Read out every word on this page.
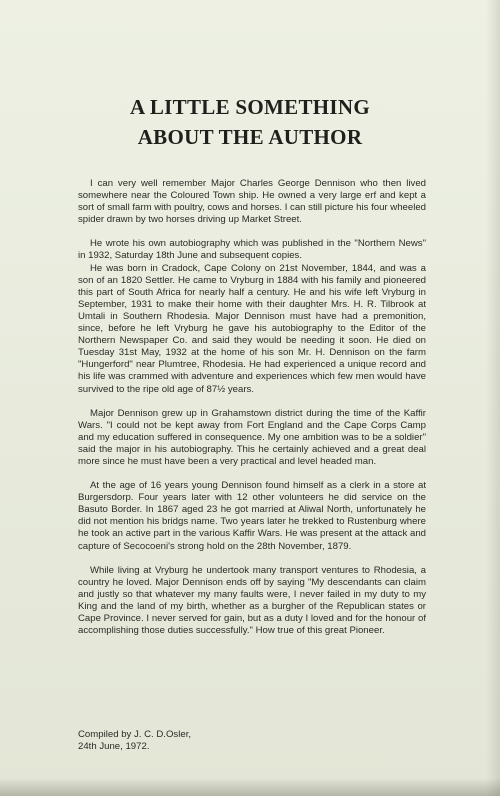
A LITTLE SOMETHING
ABOUT THE AUTHOR

I can very well remember Major Charles George Dennison who then lived somewhere near the Coloured Town ship. He owned a very large erf and kept a sort of small farm with poultry, cows and horses. I can still picture his four wheeled spider drawn by two horses driving up Market Street.

He wrote his own autobiography which was published in the "Northern News" in 1932, Saturday 18th June and subsequent copies.

He was born in Cradock, Cape Colony on 21st November, 1844, and was a son of an 1820 Settler. He came to Vryburg in 1884 with his family and pioneered this part of South Africa for nearly half a century. He and his wife left Vryburg in September, 1931 to make their home with their daughter Mrs. H. R. Tilbrook at Umtali in Southern Rhodesia. Major Dennison must have had a premonition, since, before he left Vryburg he gave his autobiography to the Editor of the Northern Newspaper Co. and said they would be needing it soon. He died on Tuesday 31st May, 1932 at the home of his son Mr. H. Dennison on the farm "Hungerford" near Plumtree, Rhodesia. He had experienced a unique record and his life was crammed with adventure and experiences which few men would have survived to the ripe old age of 87½ years.

Major Dennison grew up in Grahamstown district during the time of the Kaffir Wars. "I could not be kept away from Fort England and the Cape Corps Camp and my education suffered in consequence. My one ambition was to be a soldier" said the major in his autobiography. This he certainly achieved and a great deal more since he must have been a very practical and level headed man.

At the age of 16 years young Dennison found himself as a clerk in a store at Burgersdorp. Four years later with 12 other volunteers he did service on the Basuto Border. In 1867 aged 23 he got married at Aliwal North, unfortunately he did not mention his bridgs name. Two years later he trekked to Rustenburg where he took an active part in the various Kaffir Wars. He was present at the attack and capture of Secocoeni's strong hold on the 28th November, 1879.

While living at Vryburg he undertook many transport ventures to Rhodesia, a country he loved. Major Dennison ends off by saying "My descendants can claim and justly so that whatever my many faults were, I never failed in my duty to my King and the land of my birth, whether as a burgher of the Republican states or Cape Province. I never served for gain, but as a duty I loved and for the honour of accomplishing those duties successfully." How true of this great Pioneer.

Compiled by J. C. D.Osler,
24th June, 1972.
